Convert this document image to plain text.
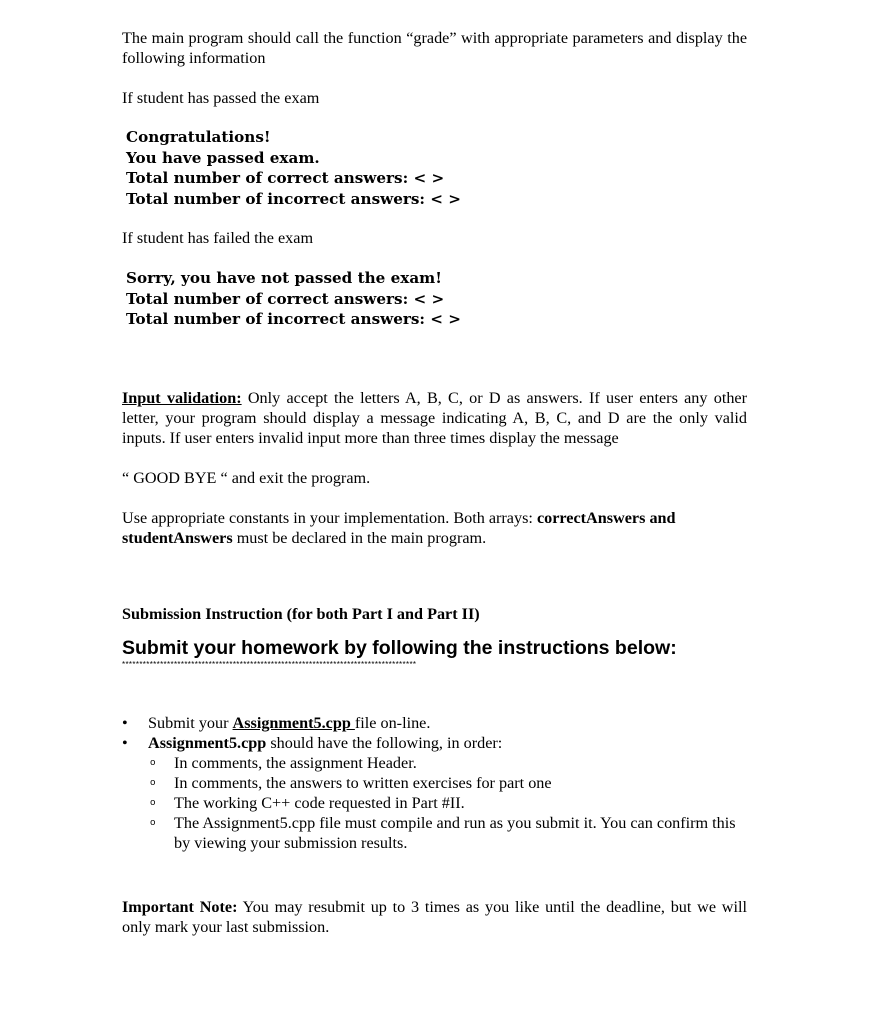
The main program should call the function “grade” with appropriate parameters and display the following information

If student has passed the exam

Congratulations!
You have passed exam.
Total number of correct answers: < >
Total number of incorrect answers: < >

If student has failed the exam

Sorry, you have not passed the exam!
Total number of correct answers: < >
Total number of incorrect answers: < >

Input validation: Only accept the letters A, B, C, or D as answers. If user enters any other letter, your program should display a message indicating A, B, C, and D are the only valid inputs. If user enters invalid input more than three times display the message

“ GOOD BYE “ and exit the program.

Use appropriate constants in your implementation. Both arrays: correctAnswers and studentAnswers must be declared in the main program.

Submission Instruction (for both Part I and Part II)

Submit your homework by following the instructions below:
*************************************************************************************
•	Submit your Assignment5.cpp file on-line.
•	Assignment5.cpp should have the following, in order:
o In comments, the assignment Header.
o In comments, the answers to written exercises for part one
o The working C++ code requested in Part #II.
o The Assignment5.cpp file must compile and run as you submit it. You can confirm this by viewing your submission results.

Important Note: You may resubmit up to 3 times as you like until the deadline, but we will only mark your last submission.
